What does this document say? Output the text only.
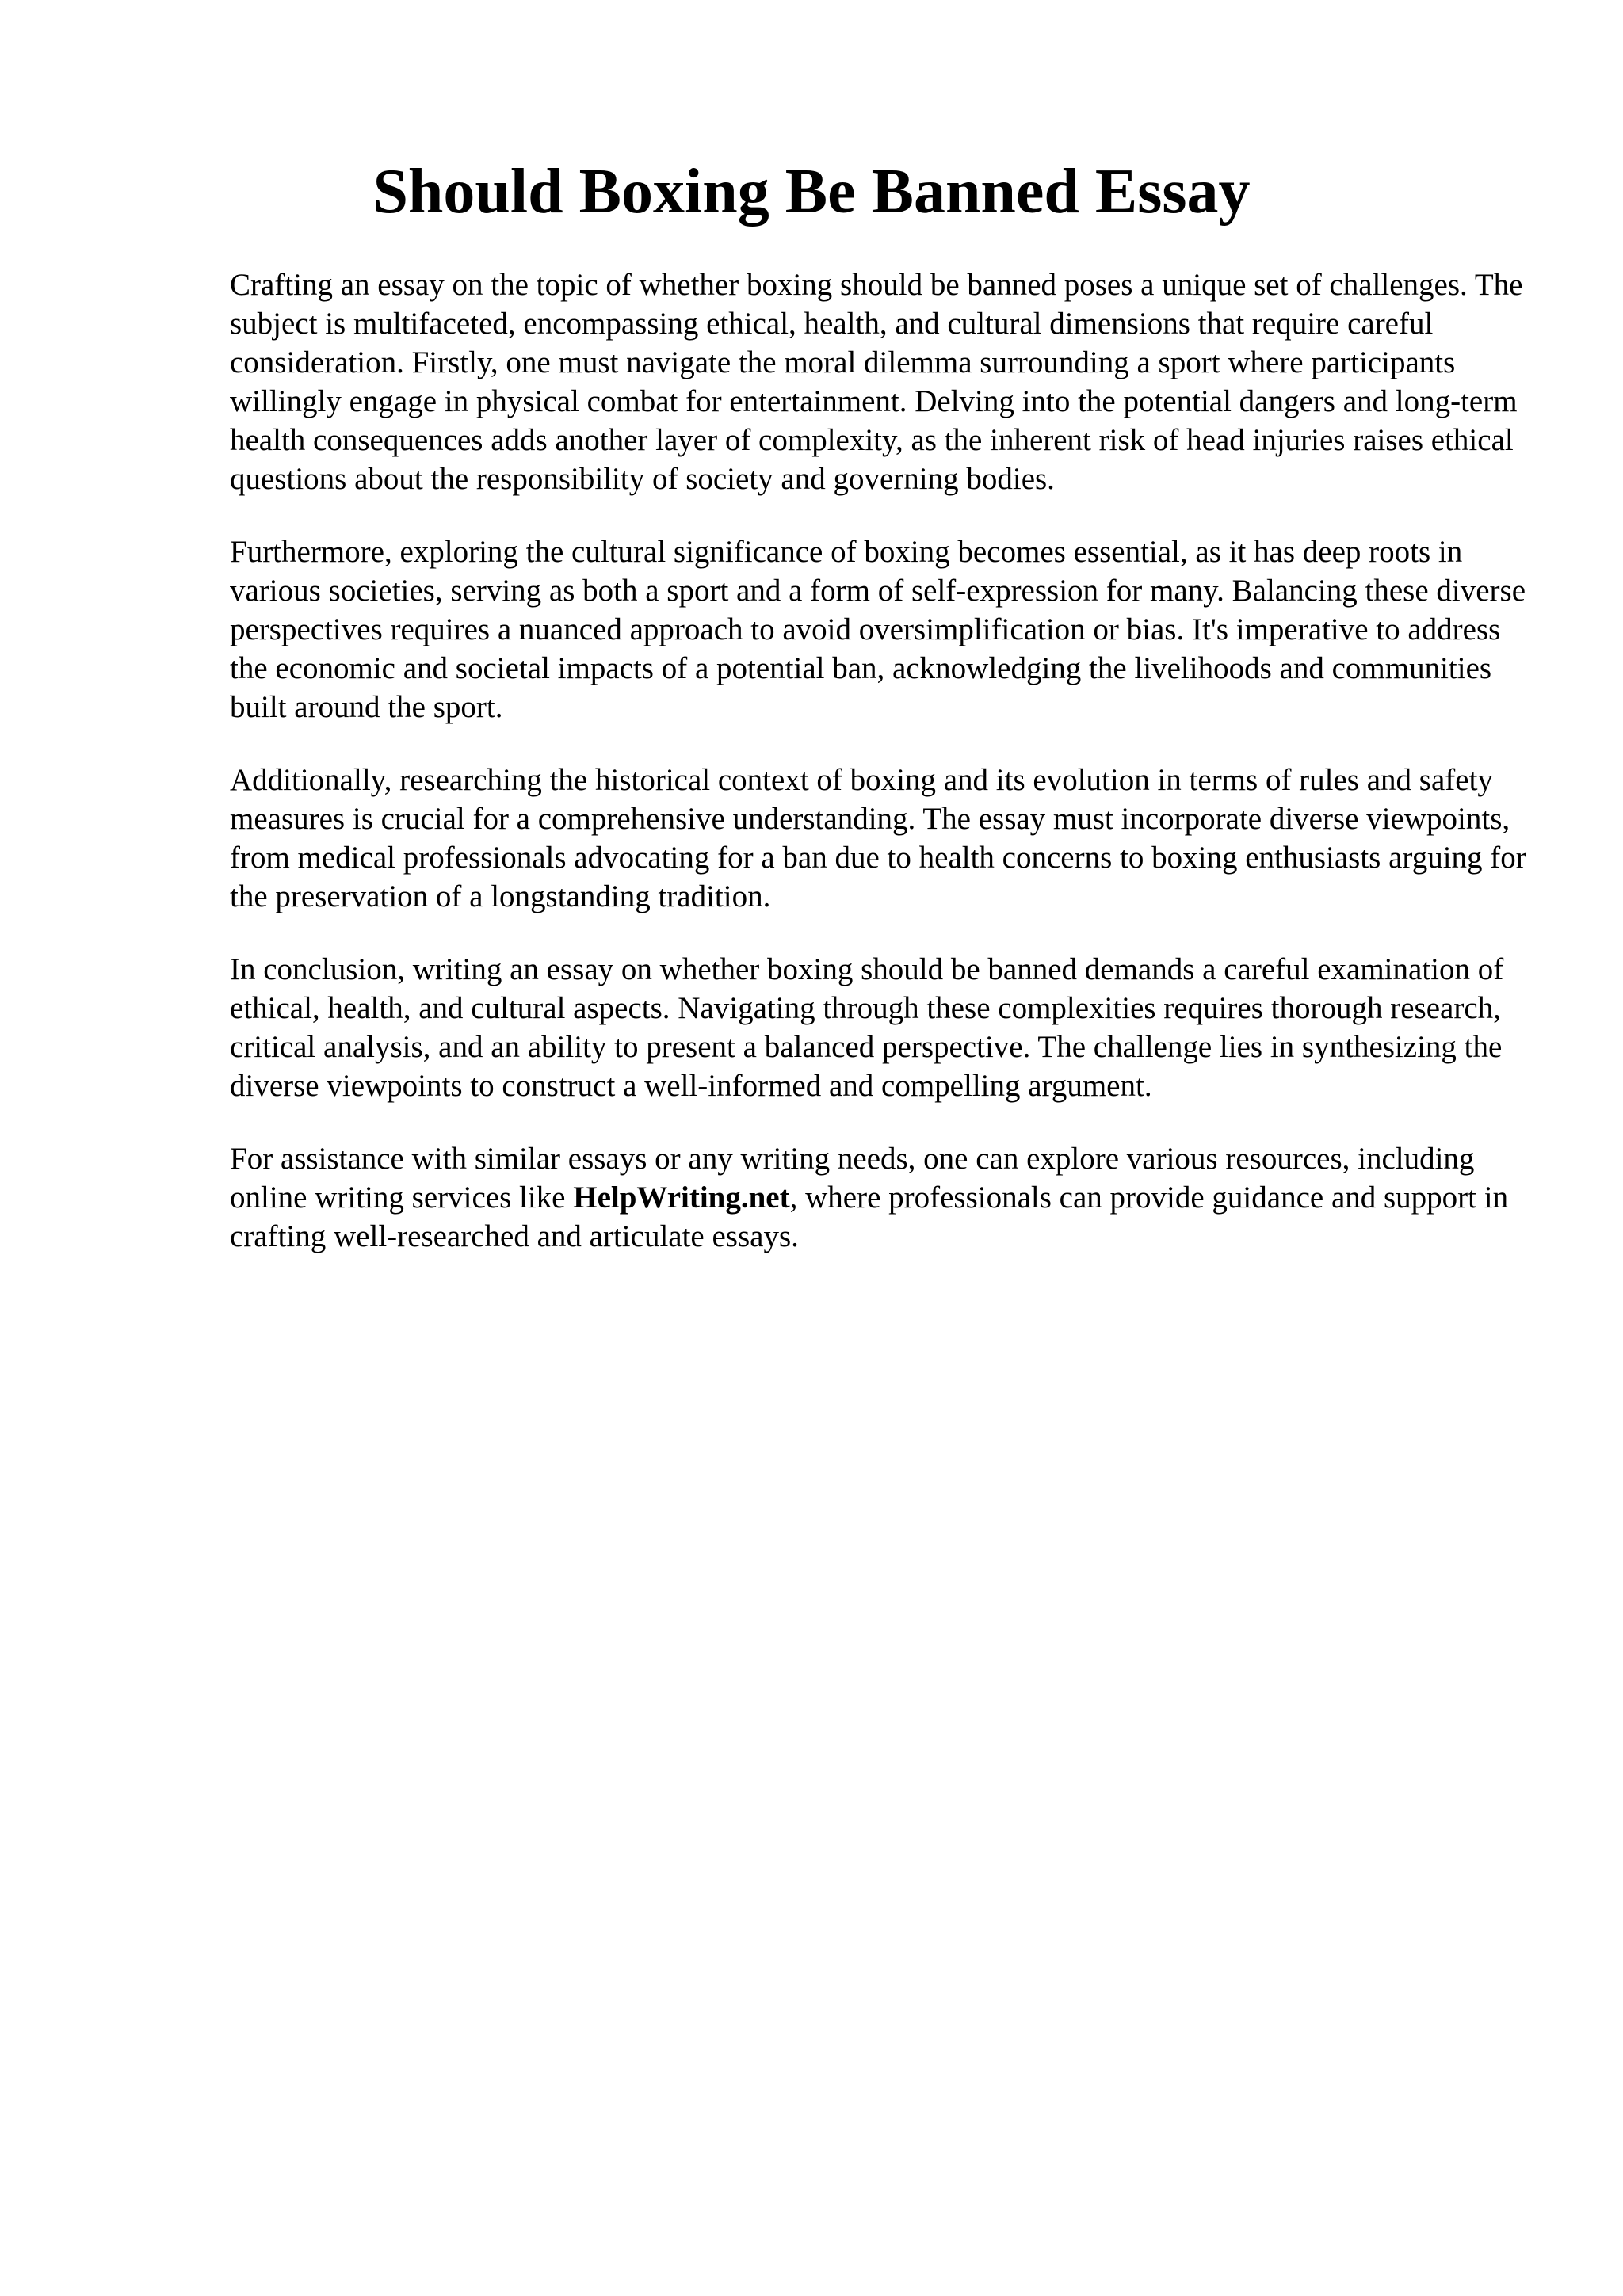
Should Boxing Be Banned Essay

Crafting an essay on the topic of whether boxing should be banned poses a unique set of challenges. The subject is multifaceted, encompassing ethical, health, and cultural dimensions that require careful consideration. Firstly, one must navigate the moral dilemma surrounding a sport where participants willingly engage in physical combat for entertainment. Delving into the potential dangers and long-term health consequences adds another layer of complexity, as the inherent risk of head injuries raises ethical questions about the responsibility of society and governing bodies.

Furthermore, exploring the cultural significance of boxing becomes essential, as it has deep roots in various societies, serving as both a sport and a form of self-expression for many. Balancing these diverse perspectives requires a nuanced approach to avoid oversimplification or bias. It's imperative to address the economic and societal impacts of a potential ban, acknowledging the livelihoods and communities built around the sport.

Additionally, researching the historical context of boxing and its evolution in terms of rules and safety measures is crucial for a comprehensive understanding. The essay must incorporate diverse viewpoints, from medical professionals advocating for a ban due to health concerns to boxing enthusiasts arguing for the preservation of a longstanding tradition.

In conclusion, writing an essay on whether boxing should be banned demands a careful examination of ethical, health, and cultural aspects. Navigating through these complexities requires thorough research, critical analysis, and an ability to present a balanced perspective. The challenge lies in synthesizing the diverse viewpoints to construct a well-informed and compelling argument.

For assistance with similar essays or any writing needs, one can explore various resources, including online writing services like HelpWriting.net, where professionals can provide guidance and support in crafting well-researched and articulate essays.
